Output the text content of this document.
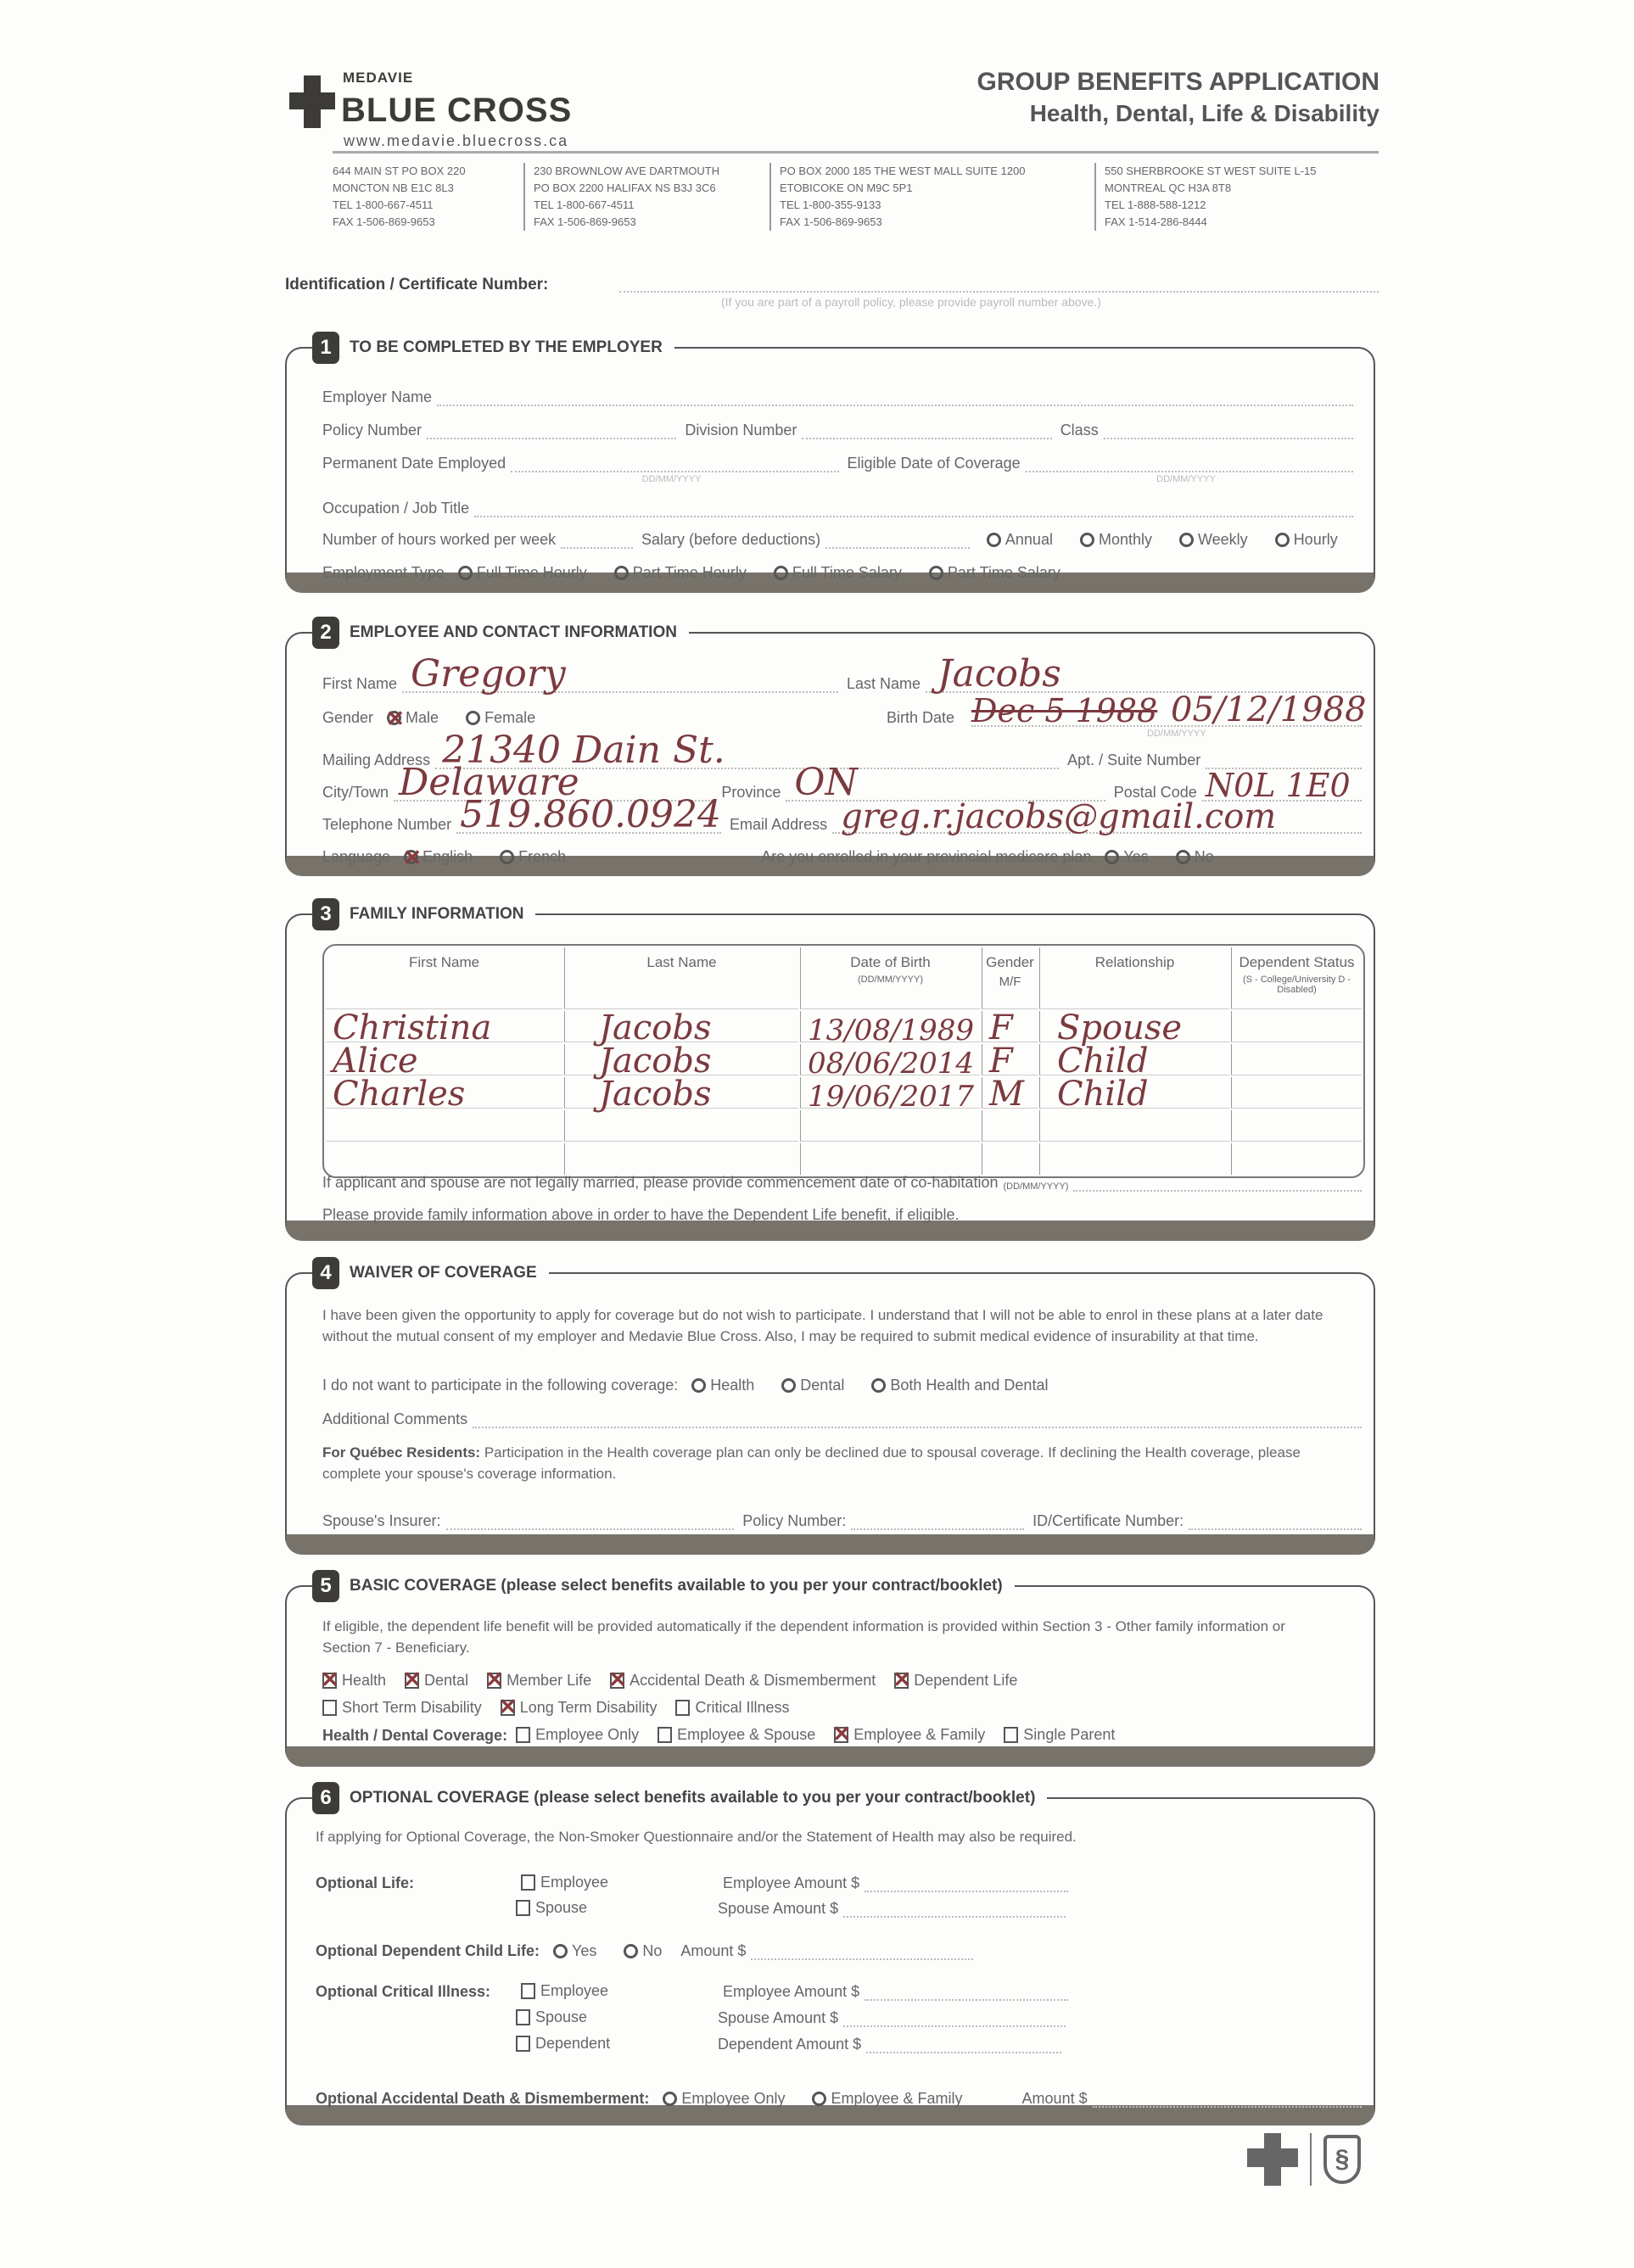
MEDAVIE
BLUE CROSS
www.medavie.bluecross.ca
GROUP BENEFITS APPLICATION
Health, Dental, Life & Disability
644 MAIN ST PO BOX 220
MONCTON NB E1C 8L3
TEL 1-800-667-4511
FAX 1-506-869-9653
230 BROWNLOW AVE DARTMOUTH
PO BOX 2200 HALIFAX NS B3J 3C6
TEL 1-800-667-4511
FAX 1-506-869-9653
PO BOX 2000 185 THE WEST MALL SUITE 1200
ETOBICOKE ON M9C 5P1
TEL 1-800-355-9133
FAX 1-506-869-9653
550 SHERBROOKE ST WEST SUITE L-15
MONTREAL QC H3A 8T8
TEL 1-888-588-1212
FAX 1-514-286-8444
Identification / Certificate Number:
(If you are part of a payroll policy, please provide payroll number above.)
1	TO BE COMPLETED BY THE EMPLOYER
Employer Name
Policy Number	Division Number	Class
Permanent Date Employed
DD/MM/YYYY
Eligible Date of Coverage
DD/MM/YYYY
Occupation / Job Title
Number of hours worked per week	Salary (before deductions)	Annual	Monthly	Weekly	Hourly
Employment Type	Full Time Hourly	Part Time Hourly	Full Time Salary	Part Time Salary
2	EMPLOYEE AND CONTACT INFORMATION
First Name Gregory	Last Name Jacobs
Gender ✕	Male	Female	Birth Date Dec 5 1988 05/12/1988
DD/MM/YYYY
Mailing Address 21340 Dain St.	Apt. / Suite Number
City/Town Delaware	Province ON	Postal Code N0L 1E0
Telephone Number 519.860.0924 Email Address greg.r.jacobs@gmail.com
Language ✕	English	French	Are you enrolled in your provincial medicare plan	Yes	No
3	FAMILY INFORMATION
First Name	Last Name	Date of Birth
(DD/MM/YYYY)	Gender
M/F	Relationship	Dependent Status
(S - College/University D - Disabled)

Christina	Jacobs	13/08/1989	F	Spouse	

Alice	Jacobs	08/06/2014	F	Child	

Charles	Jacobs	19/06/2017	M	Child	

If applicant and spouse are not legally married, please provide commencement date of co-habitation (DD/MM/YYYY)
Please provide family information above in order to have the Dependent Life benefit, if eligible.
4	WAIVER OF COVERAGE
I have been given the opportunity to apply for coverage but do not wish to participate. I understand that I will not be able to enrol in these plans at a later date without the mutual consent of my employer and Medavie Blue Cross. Also, I may be required to submit medical evidence of insurability at that time.
I do not want to participate in the following coverage:	Health	Dental	Both Health and Dental
Additional Comments
For Québec Residents: Participation in the Health coverage plan can only be declined due to spousal coverage. If declining the Health coverage, please complete your spouse's coverage information.
Spouse's Insurer:	Policy Number:	ID/Certificate Number:
5	BASIC COVERAGE (please select benefits available to you per your contract/booklet)
If eligible, the dependent life benefit will be provided automatically if the dependent information is provided within Section 3 - Other family information or Section 7 - Beneficiary.
✕Health ✕	Dental ✕	Member Life ✕	Accidental Death & Dismemberment ✕	Dependent Life
Short Term Disability ✕	Long Term Disability	Critical Illness
Health / Dental Coverage:	Employee Only	Employee & Spouse ✕	Employee & Family	Single Parent
6	OPTIONAL COVERAGE (please select benefits available to you per your contract/booklet)
If applying for Optional Coverage, the Non-Smoker Questionnaire and/or the Statement of Health may also be required.
Optional Life:	Employee	Employee Amount $
Spouse	Spouse Amount $
Optional Dependent Child Life:	Yes	No Amount $
Optional Critical Illness:	Employee	Employee Amount $
Spouse	Spouse Amount $
Dependent	Dependent Amount $
Optional Accidental Death & Dismemberment:	Employee Only	Employee & Family	Amount $
§
